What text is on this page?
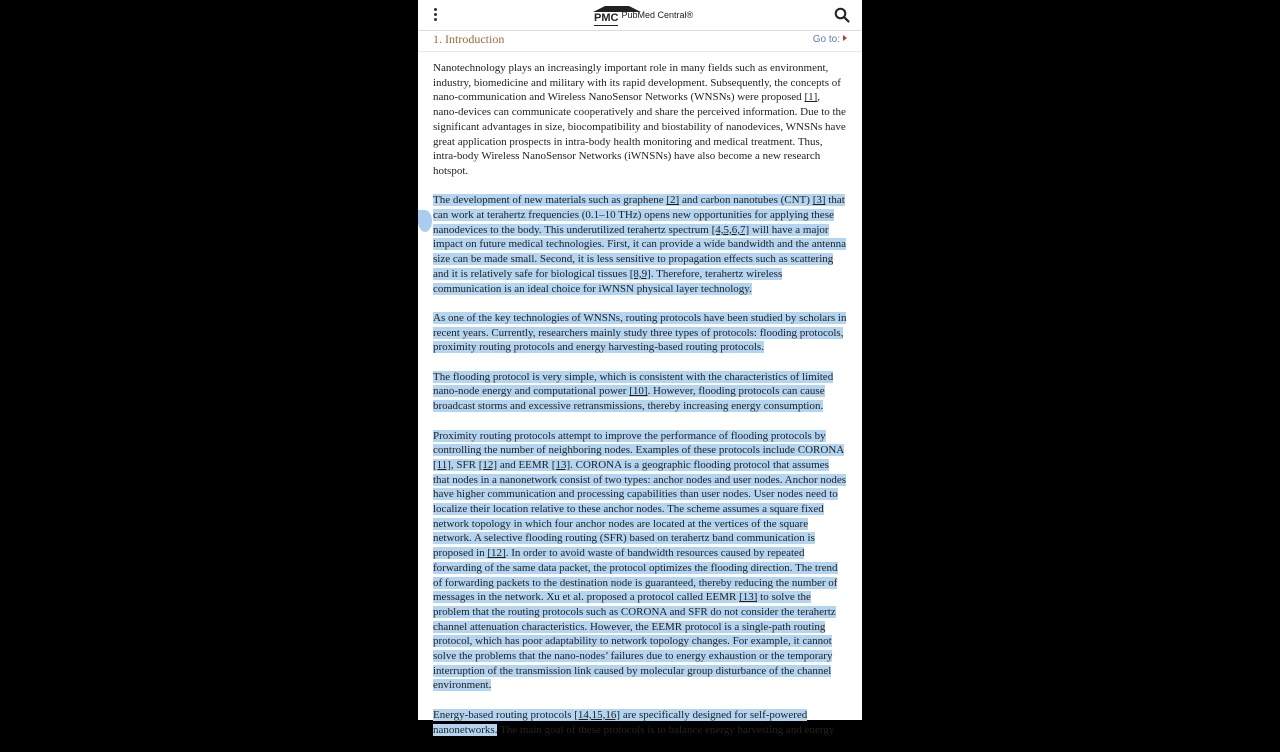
PMC PubMed Central®
1. Introduction	Go to:

Nanotechnology plays an increasingly important role in many fields such as environment, industry, biomedicine and military with its rapid development. Subsequently, the concepts of nano-communication and Wireless NanoSensor Networks (WNSNs) were proposed [1], nano-devices can communicate cooperatively and share the perceived information. Due to the significant advantages in size, biocompatibility and biostability of nanodevices, WNSNs have great application prospects in intra-body health monitoring and medical treatment. Thus, intra-body Wireless NanoSensor Networks (iWNSNs) have also become a new research hotspot.

The development of new materials such as graphene [2] and carbon nanotubes (CNT) [3] that can work at terahertz frequencies (0.1–10 THz) opens new opportunities for applying these nanodevices to the body. This underutilized terahertz spectrum [4,5,6,7] will have a major impact on future medical technologies. First, it can provide a wide bandwidth and the antenna size can be made small. Second, it is less sensitive to propagation effects such as scattering and it is relatively safe for biological tissues [8,9]. Therefore, terahertz wireless communication is an ideal choice for iWNSN physical layer technology.

As one of the key technologies of WNSNs, routing protocols have been studied by scholars in recent years. Currently, researchers mainly study three types of protocols: flooding protocols, proximity routing protocols and energy harvesting-based routing protocols.

The flooding protocol is very simple, which is consistent with the characteristics of limited nano-node energy and computational power [10]. However, flooding protocols can cause broadcast storms and excessive retransmissions, thereby increasing energy consumption.

Proximity routing protocols attempt to improve the performance of flooding protocols by controlling the number of neighboring nodes. Examples of these protocols include CORONA [11], SFR [12] and EEMR [13]. CORONA is a geographic flooding protocol that assumes that nodes in a nanonetwork consist of two types: anchor nodes and user nodes. Anchor nodes have higher communication and processing capabilities than user nodes. User nodes need to localize their location relative to these anchor nodes. The scheme assumes a square fixed network topology in which four anchor nodes are located at the vertices of the square network. A selective flooding routing (SFR) based on terahertz band communication is proposed in [12]. In order to avoid waste of bandwidth resources caused by repeated forwarding of the same data packet, the protocol optimizes the flooding direction. The trend of forwarding packets to the destination node is guaranteed, thereby reducing the number of messages in the network. Xu et al. proposed a protocol called EEMR [13] to solve the problem that the routing protocols such as CORONA and SFR do not consider the terahertz channel attenuation characteristics. However, the EEMR protocol is a single-path routing protocol, which has poor adaptability to network topology changes. For example, it cannot solve the problems that the nano-nodes’ failures due to energy exhaustion or the temporary interruption of the transmission link caused by molecular group disturbance of the channel environment.

Energy-based routing protocols [14,15,16] are specifically designed for self-powered nanonetworks. The main goal of these protocols is to balance energy harvesting and energy
